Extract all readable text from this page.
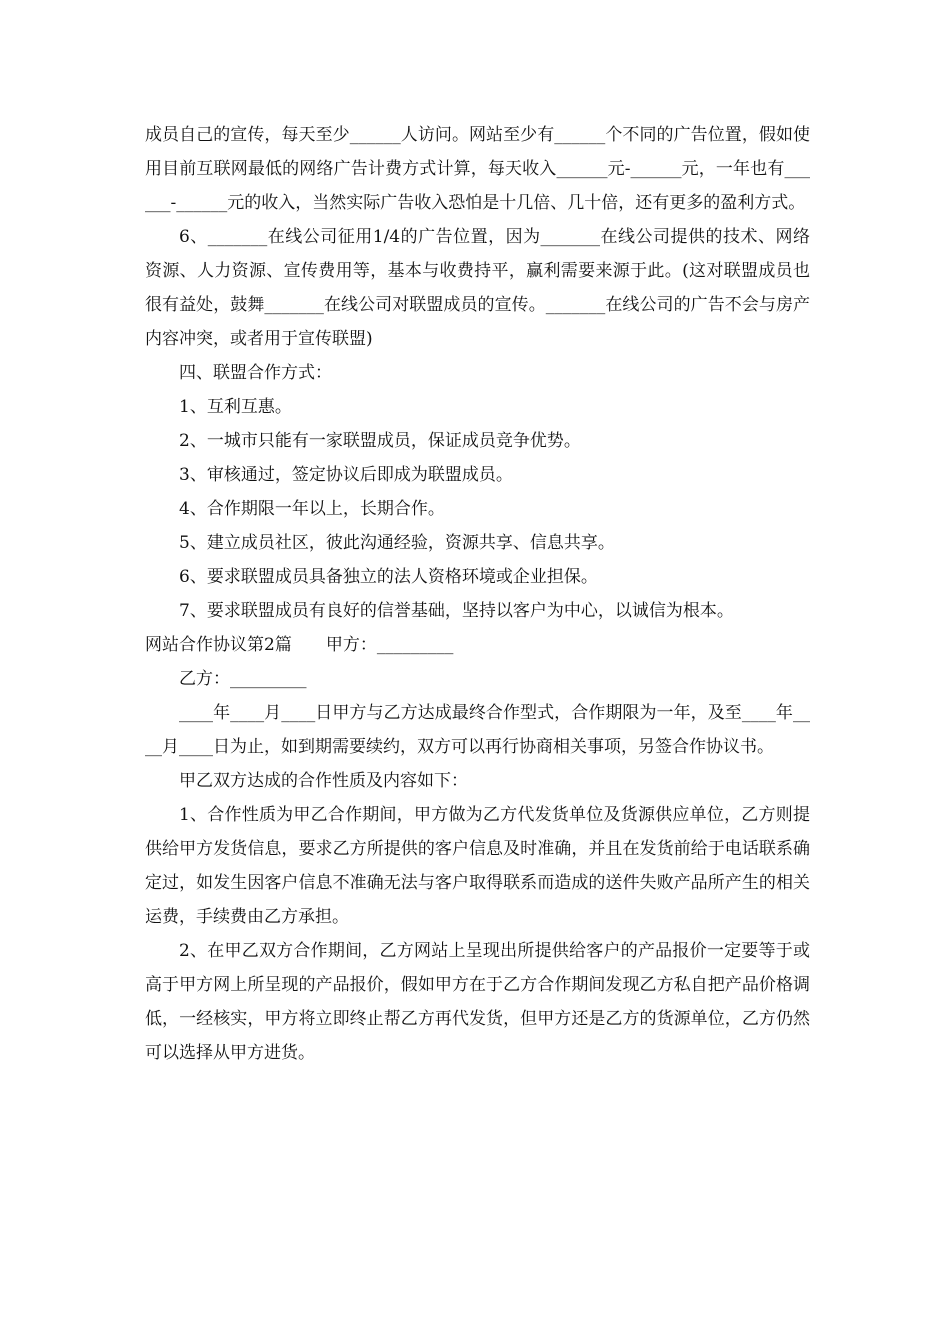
成员自己的宣传，每天至少______人访问。网站至少有______个不同的广告位置，假如使用目前互联网最低的网络广告计费方式计算，每天收入______元-______元，一年也有______-______元的收入，当然实际广告收入恐怕是十几倍、几十倍，还有更多的盈利方式。

6、_______在线公司征用1/4的广告位置，因为_______在线公司提供的技术、网络资源、人力资源、宣传费用等，基本与收费持平，赢利需要来源于此。(这对联盟成员也很有益处，鼓舞_______在线公司对联盟成员的宣传。_______在线公司的广告不会与房产内容冲突，或者用于宣传联盟)

四、联盟合作方式：

1、互利互惠。

2、一城市只能有一家联盟成员，保证成员竞争优势。

3、审核通过，签定协议后即成为联盟成员。

4、合作期限一年以上，长期合作。

5、建立成员社区，彼此沟通经验，资源共享、信息共享。

6、要求联盟成员具备独立的法人资格环境或企业担保。

7、要求联盟成员有良好的信誉基础，坚持以客户为中心，以诚信为根本。

网站合作协议第2篇　　甲方：_________

乙方：_________

____年____月____日甲方与乙方达成最终合作型式，合作期限为一年，及至____年____月____日为止，如到期需要续约，双方可以再行协商相关事项，另签合作协议书。

甲乙双方达成的合作性质及内容如下：

1、合作性质为甲乙合作期间，甲方做为乙方代发货单位及货源供应单位，乙方则提供给甲方发货信息，要求乙方所提供的客户信息及时准确，并且在发货前给于电话联系确定过，如发生因客户信息不准确无法与客户取得联系而造成的送件失败产品所产生的相关运费，手续费由乙方承担。

2、在甲乙双方合作期间，乙方网站上呈现出所提供给客户的产品报价一定要等于或高于甲方网上所呈现的产品报价，假如甲方在于乙方合作期间发现乙方私自把产品价格调低，一经核实，甲方将立即终止帮乙方再代发货，但甲方还是乙方的货源单位，乙方仍然可以选择从甲方进货。
